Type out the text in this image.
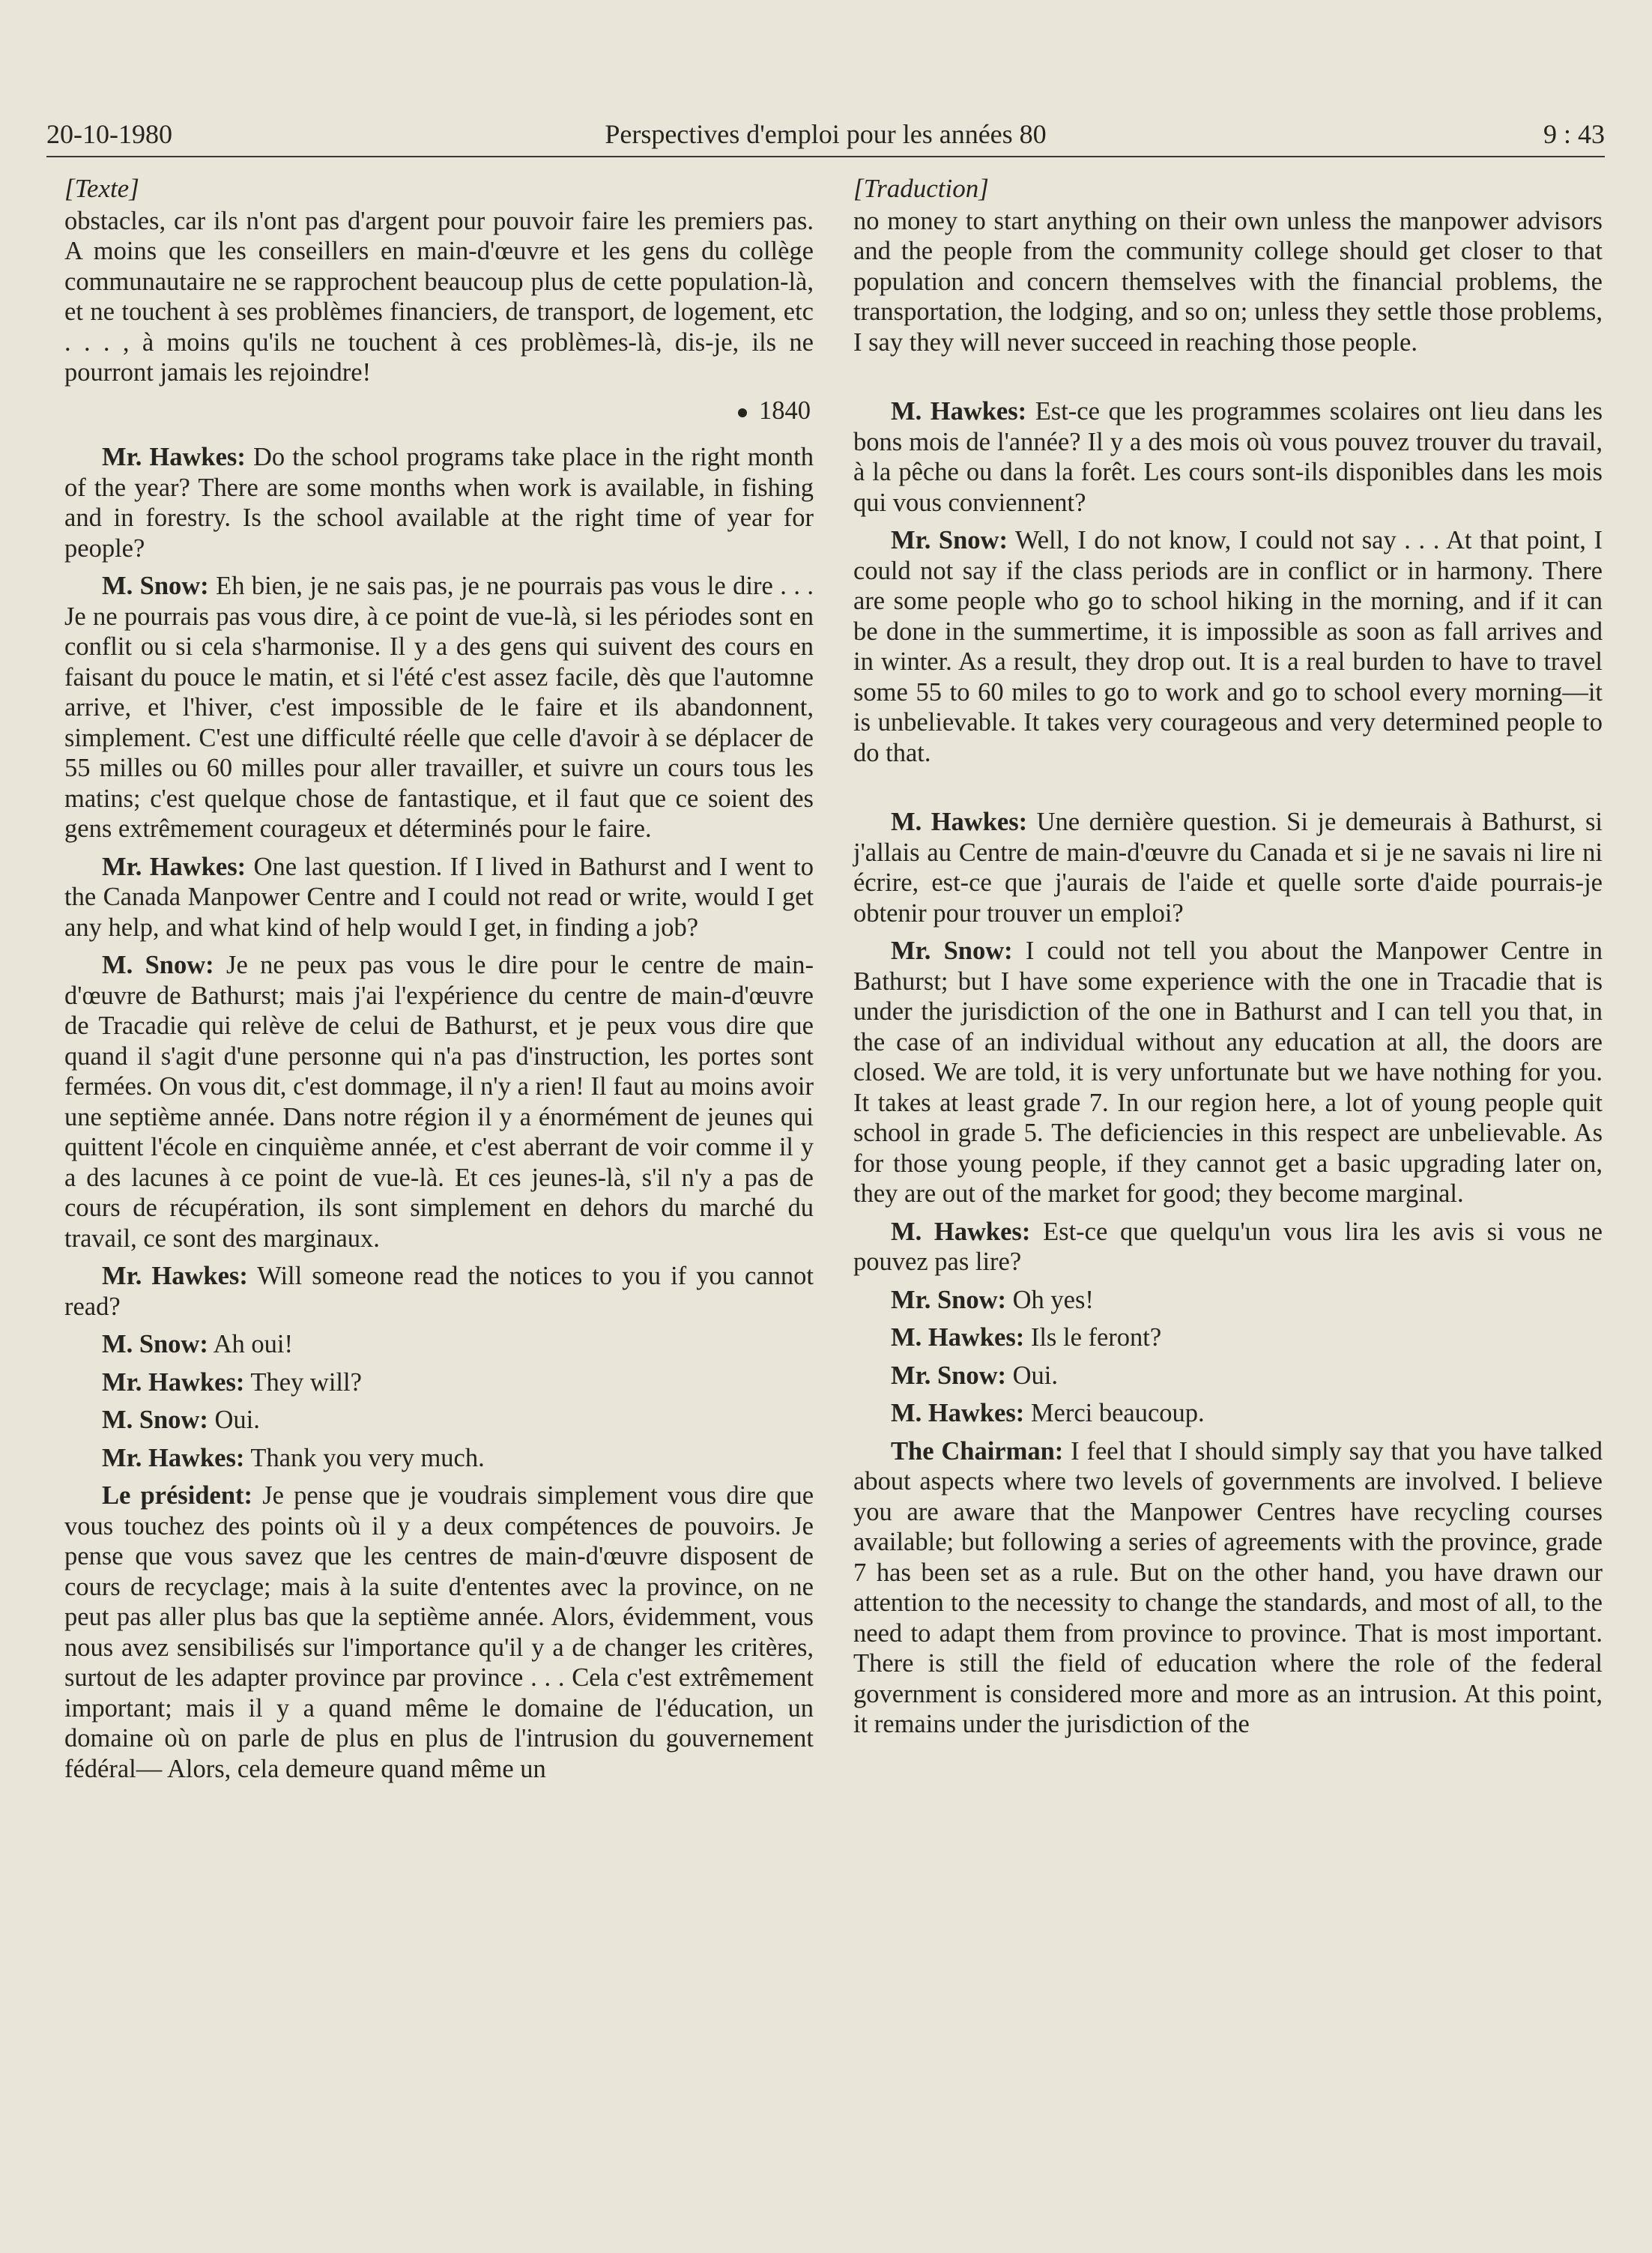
20-10-1980	Perspectives d'emploi pour les années 80	9 : 43
[Texte]

obstacles, car ils n'ont pas d'argent pour pouvoir faire les premiers pas. A moins que les conseillers en main-d'œuvre et les gens du collège communautaire ne se rapprochent beaucoup plus de cette population-là, et ne touchent à ses problèmes financiers, de transport, de logement, etc . . . , à moins qu'ils ne touchent à ces problèmes-là, dis-je, ils ne pourront jamais les rejoindre!

1840

Mr. Hawkes: Do the school programs take place in the right month of the year? There are some months when work is available, in fishing and in forestry. Is the school available at the right time of year for people?

M. Snow: Eh bien, je ne sais pas, je ne pourrais pas vous le dire . . . Je ne pourrais pas vous dire, à ce point de vue-là, si les périodes sont en conflit ou si cela s'harmonise. Il y a des gens qui suivent des cours en faisant du pouce le matin, et si l'été c'est assez facile, dès que l'automne arrive, et l'hiver, c'est impossible de le faire et ils abandonnent, simplement. C'est une difficulté réelle que celle d'avoir à se déplacer de 55 milles ou 60 milles pour aller travailler, et suivre un cours tous les matins; c'est quelque chose de fantastique, et il faut que ce soient des gens extrêmement courageux et déterminés pour le faire.

Mr. Hawkes: One last question. If I lived in Bathurst and I went to the Canada Manpower Centre and I could not read or write, would I get any help, and what kind of help would I get, in finding a job?

M. Snow: Je ne peux pas vous le dire pour le centre de main-d'œuvre de Bathurst; mais j'ai l'expérience du centre de main-d'œuvre de Tracadie qui relève de celui de Bathurst, et je peux vous dire que quand il s'agit d'une personne qui n'a pas d'instruction, les portes sont fermées. On vous dit, c'est dommage, il n'y a rien! Il faut au moins avoir une septième année. Dans notre région il y a énormément de jeunes qui quittent l'école en cinquième année, et c'est aberrant de voir comme il y a des lacunes à ce point de vue-là. Et ces jeunes-là, s'il n'y a pas de cours de récupération, ils sont simplement en dehors du marché du travail, ce sont des marginaux.

Mr. Hawkes: Will someone read the notices to you if you cannot read?

M. Snow: Ah oui!

Mr. Hawkes: They will?

M. Snow: Oui.

Mr. Hawkes: Thank you very much.

Le président: Je pense que je voudrais simplement vous dire que vous touchez des points où il y a deux compétences de pouvoirs. Je pense que vous savez que les centres de main-d'œuvre disposent de cours de recyclage; mais à la suite d'ententes avec la province, on ne peut pas aller plus bas que la septième année. Alors, évidemment, vous nous avez sensibilisés sur l'importance qu'il y a de changer les critères, surtout de les adapter province par province . . . Cela c'est extrêmement important; mais il y a quand même le domaine de l'éducation, un domaine où on parle de plus en plus de l'intrusion du gouvernement fédéral— Alors, cela demeure quand même un

[Traduction]

no money to start anything on their own unless the manpower advisors and the people from the community college should get closer to that population and concern themselves with the financial problems, the transportation, the lodging, and so on; unless they settle those problems, I say they will never succeed in reaching those people.

M. Hawkes: Est-ce que les programmes scolaires ont lieu dans les bons mois de l'année? Il y a des mois où vous pouvez trouver du travail, à la pêche ou dans la forêt. Les cours sont-ils disponibles dans les mois qui vous conviennent?

Mr. Snow: Well, I do not know, I could not say . . . At that point, I could not say if the class periods are in conflict or in harmony. There are some people who go to school hiking in the morning, and if it can be done in the summertime, it is impossible as soon as fall arrives and in winter. As a result, they drop out. It is a real burden to have to travel some 55 to 60 miles to go to work and go to school every morning—it is unbelievable. It takes very courageous and very determined people to do that.

M. Hawkes: Une dernière question. Si je demeurais à Bathurst, si j'allais au Centre de main-d'œuvre du Canada et si je ne savais ni lire ni écrire, est-ce que j'aurais de l'aide et quelle sorte d'aide pourrais-je obtenir pour trouver un emploi?

Mr. Snow: I could not tell you about the Manpower Centre in Bathurst; but I have some experience with the one in Tracadie that is under the jurisdiction of the one in Bathurst and I can tell you that, in the case of an individual without any education at all, the doors are closed. We are told, it is very unfortunate but we have nothing for you. It takes at least grade 7. In our region here, a lot of young people quit school in grade 5. The deficiencies in this respect are unbelievable. As for those young people, if they cannot get a basic upgrading later on, they are out of the market for good; they become marginal.

M. Hawkes: Est-ce que quelqu'un vous lira les avis si vous ne pouvez pas lire?

Mr. Snow: Oh yes!

M. Hawkes: Ils le feront?

Mr. Snow: Oui.

M. Hawkes: Merci beaucoup.

The Chairman: I feel that I should simply say that you have talked about aspects where two levels of governments are involved. I believe you are aware that the Manpower Centres have recycling courses available; but following a series of agreements with the province, grade 7 has been set as a rule. But on the other hand, you have drawn our attention to the necessity to change the standards, and most of all, to the need to adapt them from province to province. That is most important. There is still the field of education where the role of the federal government is considered more and more as an intrusion. At this point, it remains under the jurisdiction of the
